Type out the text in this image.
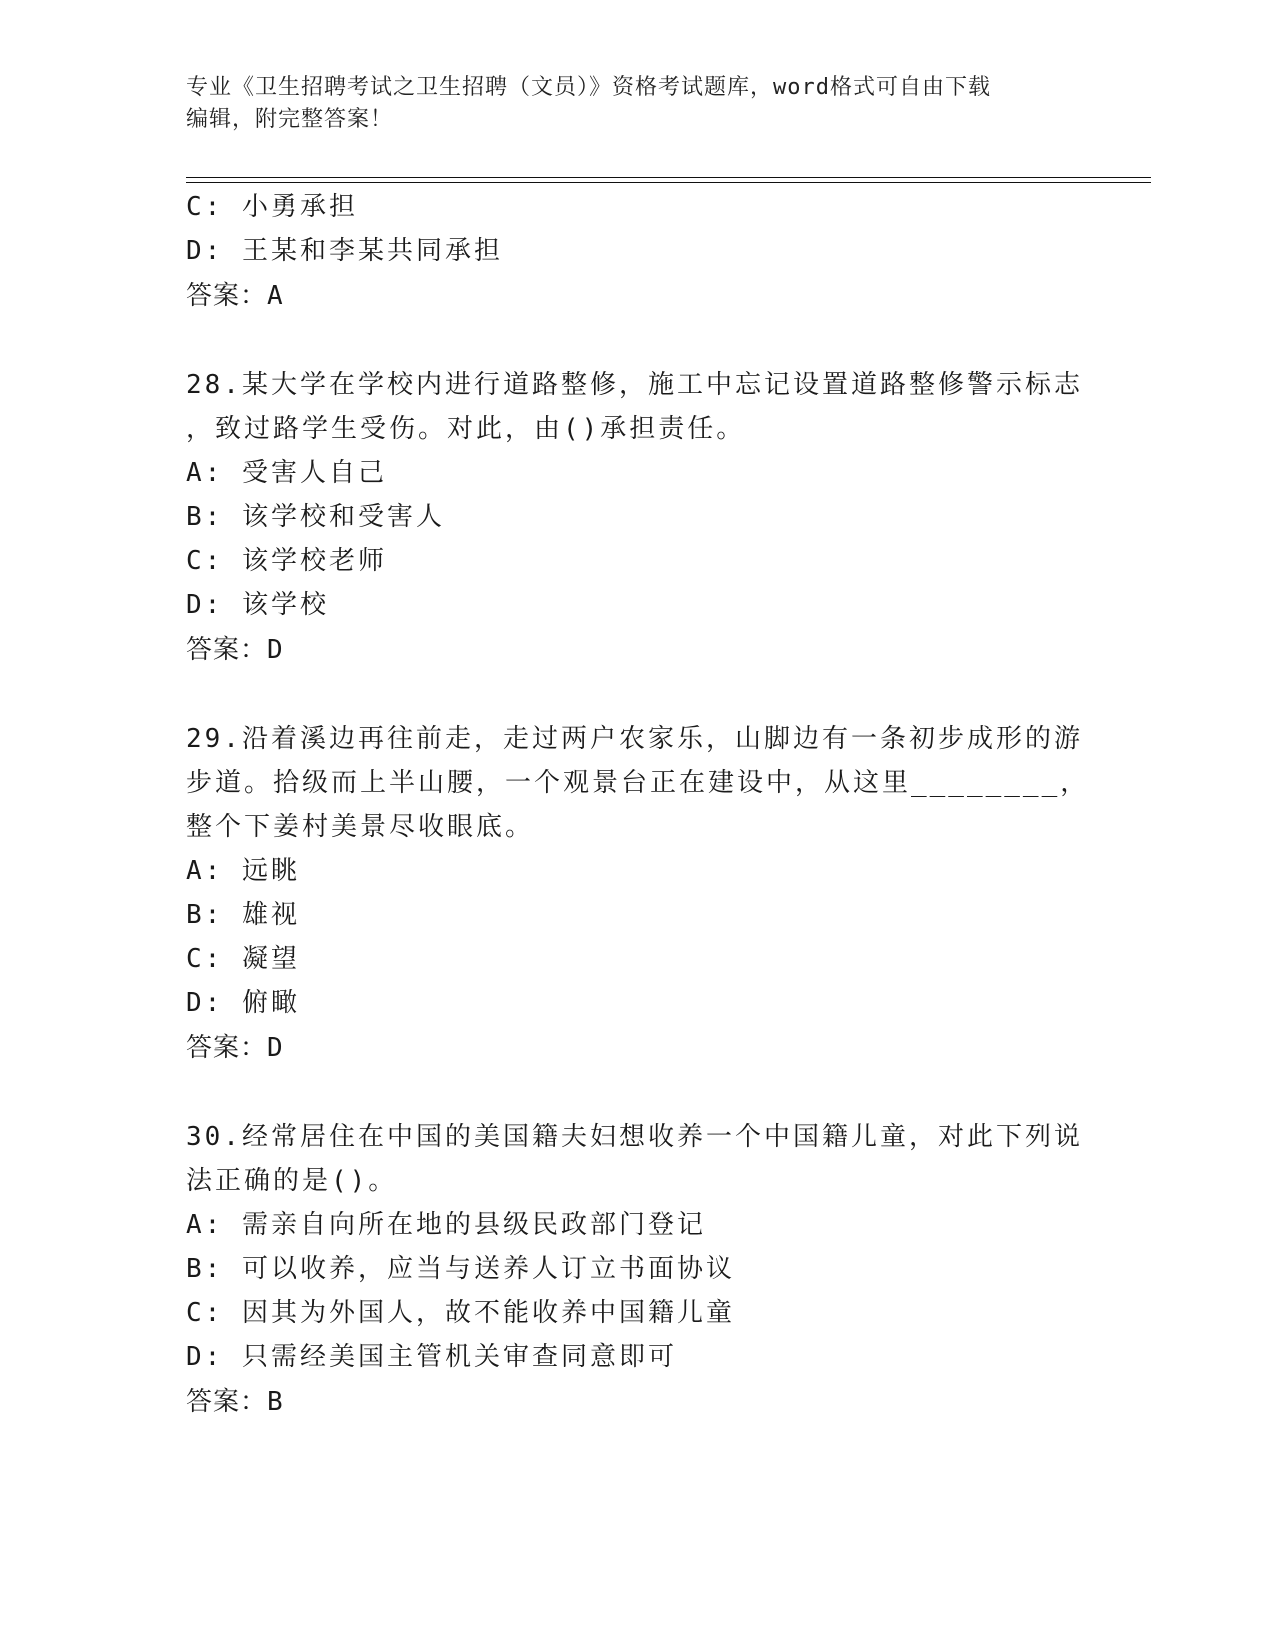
专业《卫生招聘考试之卫生招聘（文员）》资格考试题库，word格式可自由下载
编辑，附完整答案！
C: 小勇承担
D: 王某和李某共同承担
答案：A
28.某大学在学校内进行道路整修，施工中忘记设置道路整修警示标志
，致过路学生受伤。对此，由()承担责任。
A: 受害人自己
B: 该学校和受害人
C: 该学校老师
D: 该学校
答案：D
29.沿着溪边再往前走，走过两户农家乐，山脚边有一条初步成形的游
步道。拾级而上半山腰，一个观景台正在建设中，从这里________，
整个下姜村美景尽收眼底。
A: 远眺
B: 雄视
C: 凝望
D: 俯瞰
答案：D
30.经常居住在中国的美国籍夫妇想收养一个中国籍儿童，对此下列说
法正确的是()。
A: 需亲自向所在地的县级民政部门登记
B: 可以收养，应当与送养人订立书面协议
C: 因其为外国人，故不能收养中国籍儿童
D: 只需经美国主管机关审查同意即可
答案：B
